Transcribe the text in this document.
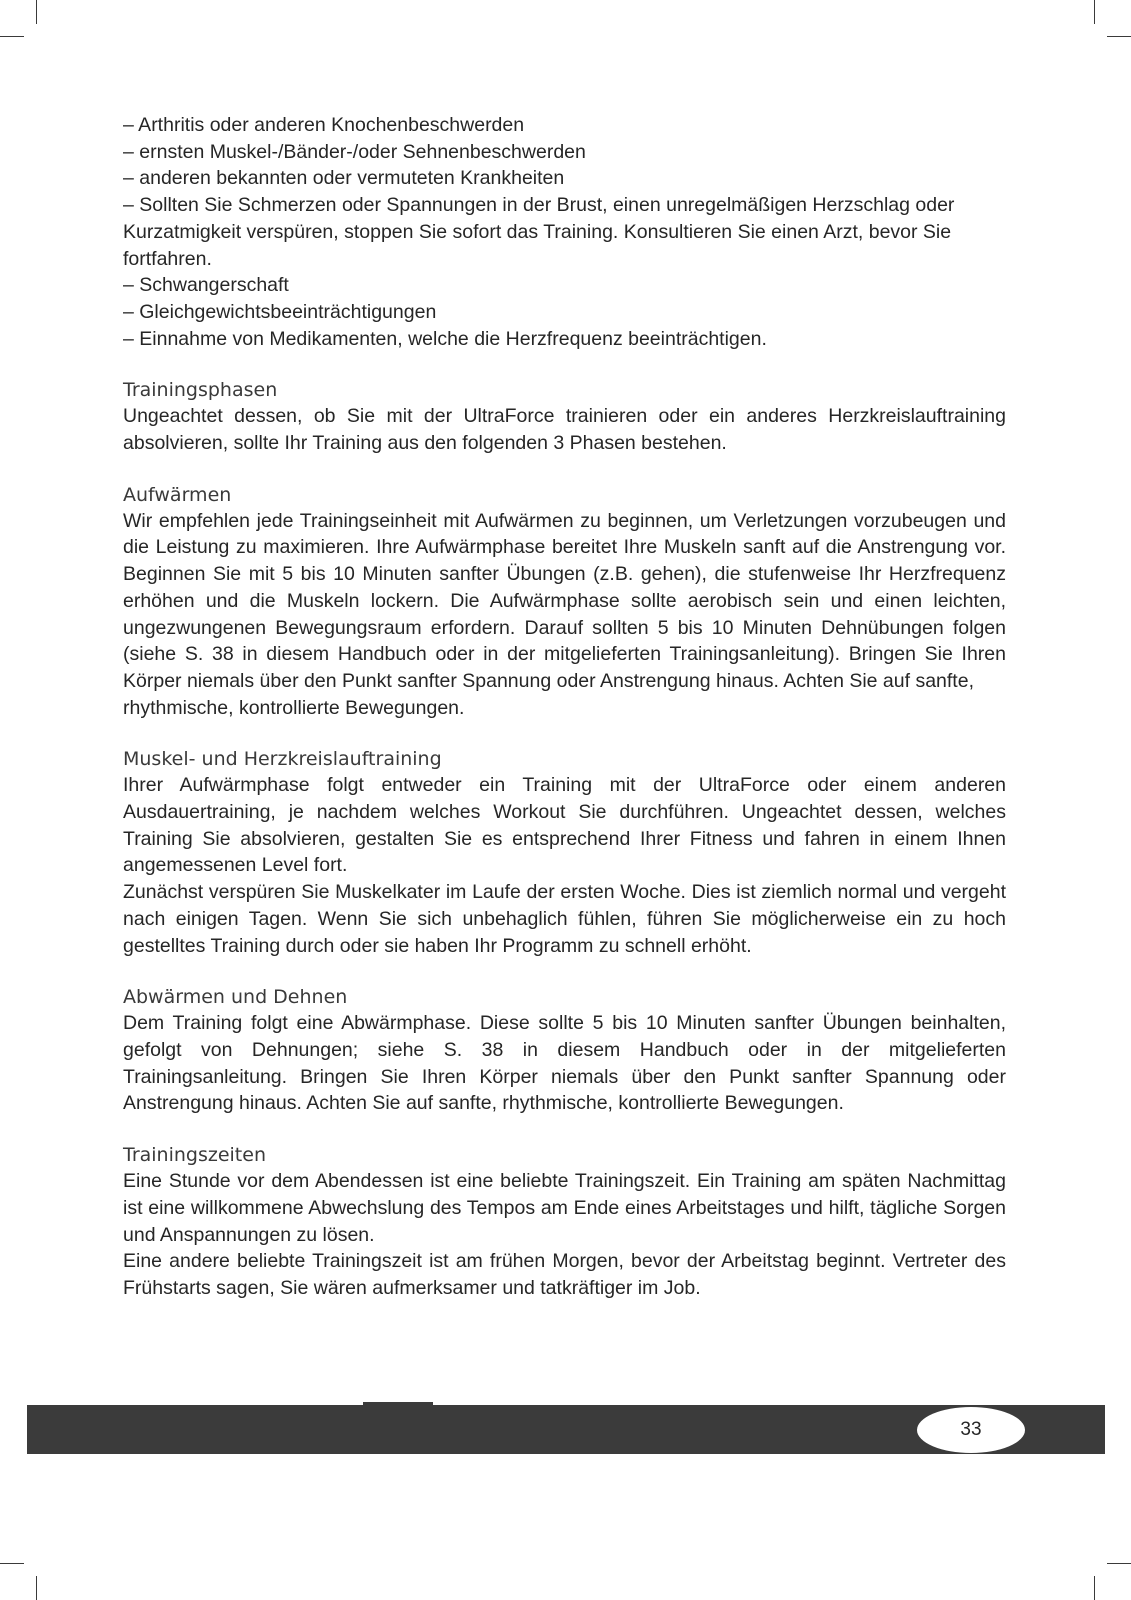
– Arthritis oder anderen Knochenbeschwerden
– ernsten Muskel-/Bänder-/oder Sehnenbeschwerden
– anderen bekannten oder vermuteten Krankheiten
– Sollten Sie Schmerzen oder Spannungen in der Brust, einen unregelmäßigen Herzschlag oder Kurzatmigkeit verspüren, stoppen Sie sofort das Training. Konsultieren Sie einen Arzt, bevor Sie fortfahren.
– Schwangerschaft
– Gleichgewichtsbeeinträchtigungen
– Einnahme von Medikamenten, welche die Herzfrequenz beeinträchtigen.
Trainingsphasen
Ungeachtet dessen, ob Sie mit der UltraForce trainieren oder ein anderes Herzkreislauftraining absolvieren, sollte Ihr Training aus den folgenden 3 Phasen bestehen.
Aufwärmen
Wir empfehlen jede Trainingseinheit mit Aufwärmen zu beginnen, um Verletzungen vorzubeugen und die Leistung zu maximieren. Ihre Aufwärmphase bereitet Ihre Muskeln sanft auf die Anstrengung vor. Beginnen Sie mit 5 bis 10 Minuten sanfter Übungen (z.B. gehen), die stufenweise Ihr Herzfrequenz erhöhen und die Muskeln lockern. Die Aufwärmphase sollte aerobisch sein und einen leichten, ungezwungenen Bewegungsraum erfordern. Darauf sollten 5 bis 10 Minuten Dehnübungen folgen (siehe S. 38 in diesem Handbuch oder in der mitgelieferten Trainingsanleitung). Bringen Sie Ihren Körper niemals über den Punkt sanfter Spannung oder Anstrengung hinaus. Achten Sie auf sanfte,
rhythmische, kontrollierte Bewegungen.
Muskel- und Herzkreislauftraining
Ihrer Aufwärmphase folgt entweder ein Training mit der UltraForce oder einem anderen Ausdauertraining, je nachdem welches Workout Sie durchführen. Ungeachtet dessen, welches Training Sie absolvieren, gestalten Sie es entsprechend Ihrer Fitness und fahren in einem Ihnen angemessenen Level fort.
Zunächst verspüren Sie Muskelkater im Laufe der ersten Woche. Dies ist ziemlich normal und vergeht nach einigen Tagen. Wenn Sie sich unbehaglich fühlen, führen Sie möglicherweise ein zu hoch gestelltes Training durch oder sie haben Ihr Programm zu schnell erhöht.
Abwärmen und Dehnen
Dem Training folgt eine Abwärmphase. Diese sollte 5 bis 10 Minuten sanfter Übungen beinhalten, gefolgt von Dehnungen; siehe S. 38 in diesem Handbuch oder in der mitgelieferten Trainingsanleitung. Bringen Sie Ihren Körper niemals über den Punkt sanfter Spannung oder Anstrengung hinaus. Achten Sie auf sanfte, rhythmische, kontrollierte Bewegungen.
Trainingszeiten
Eine Stunde vor dem Abendessen ist eine beliebte Trainingszeit. Ein Training am späten Nachmittag ist eine willkommene Abwechslung des Tempos am Ende eines Arbeitstages und hilft, tägliche Sorgen und Anspannungen zu lösen.
Eine andere beliebte Trainingszeit ist am frühen Morgen, bevor der Arbeitstag beginnt. Vertreter des Frühstarts sagen, Sie wären aufmerksamer und tatkräftiger im Job.
33
